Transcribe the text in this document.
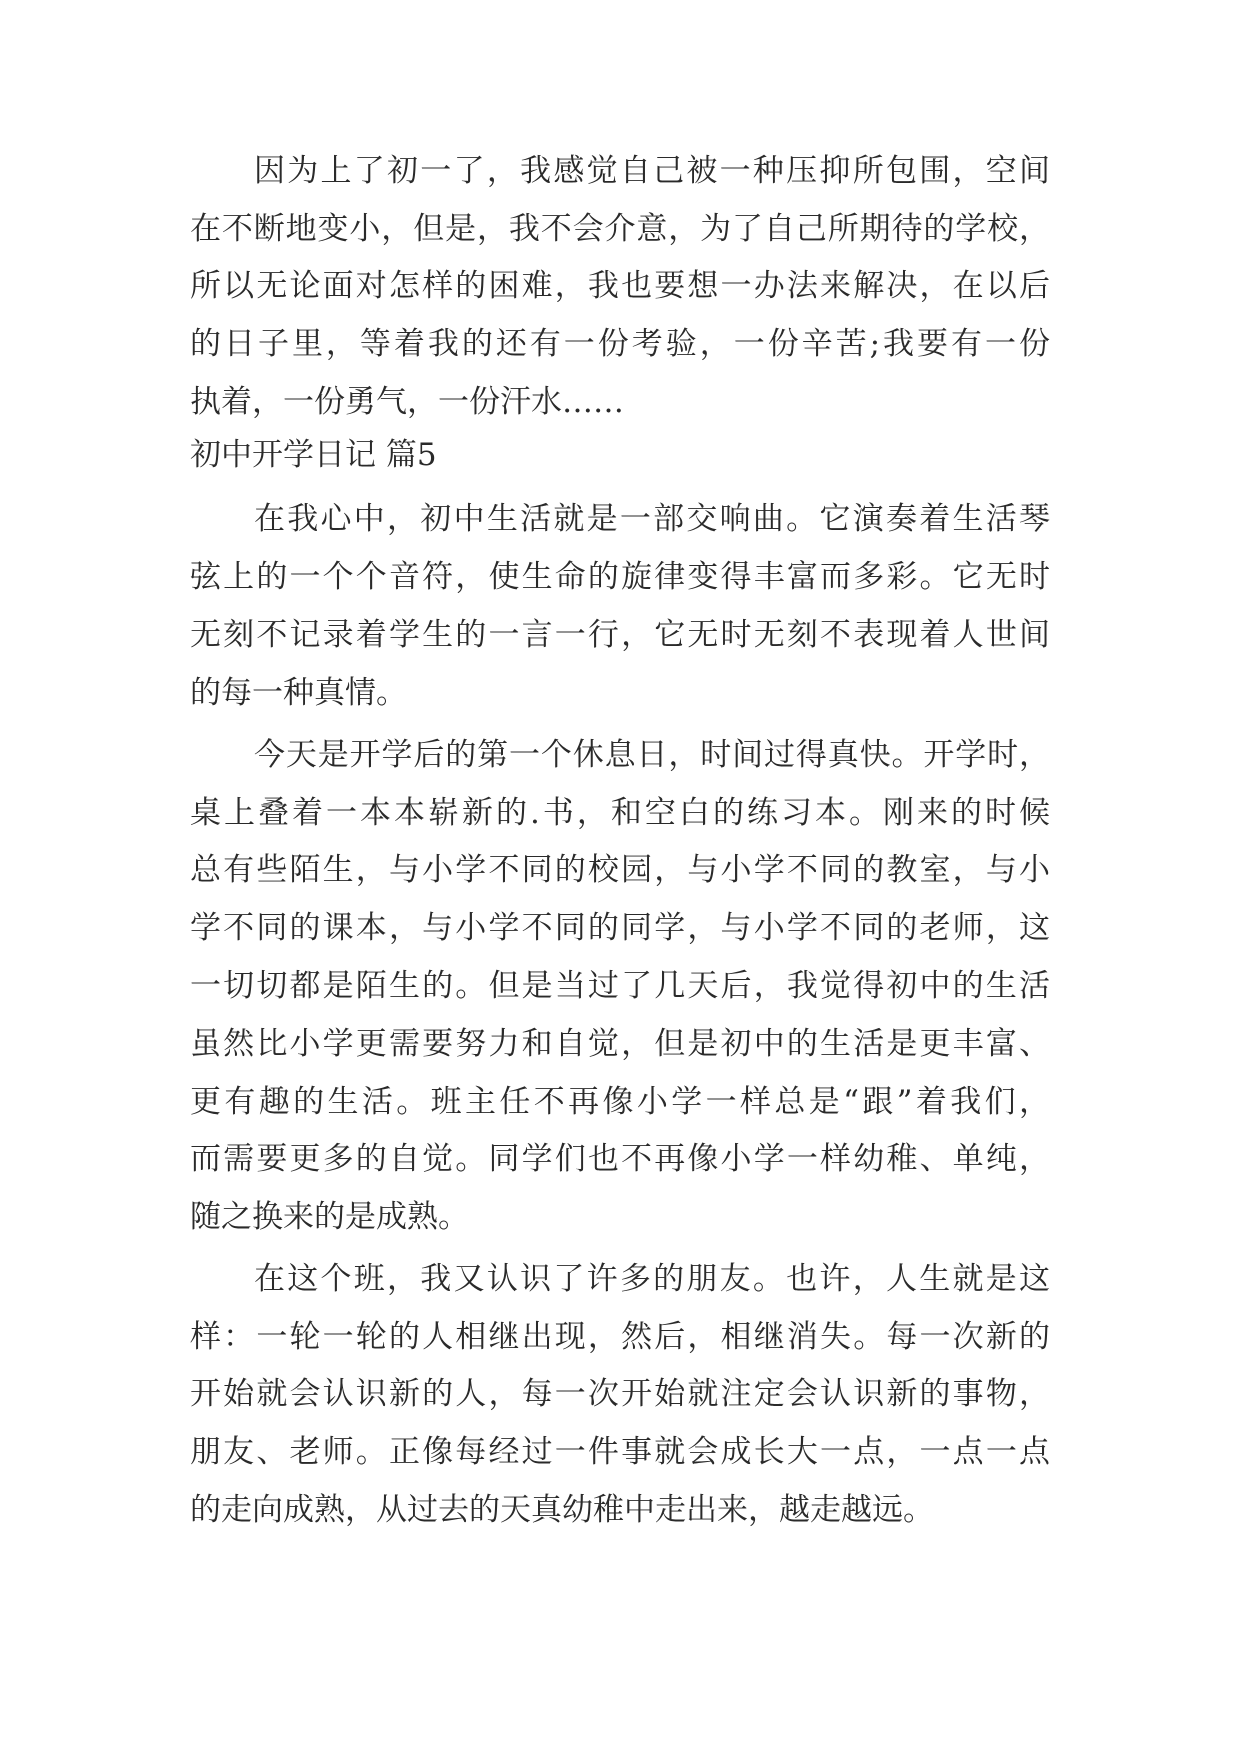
因为上了初一了，我感觉自己被一种压抑所包围，空间
在不断地变小，但是，我不会介意，为了自己所期待的学校，
所以无论面对怎样的困难，我也要想一办法来解决，在以后
的日子里，等着我的还有一份考验，一份辛苦;我要有一份
执着，一份勇气，一份汗水……
初中开学日记 篇5
在我心中，初中生活就是一部交响曲。它演奏着生活琴
弦上的一个个音符，使生命的旋律变得丰富而多彩。它无时
无刻不记录着学生的一言一行，它无时无刻不表现着人世间
的每一种真情。
今天是开学后的第一个休息日，时间过得真快。开学时，
桌上叠着一本本崭新的.书，和空白的练习本。刚来的时候
总有些陌生，与小学不同的校园，与小学不同的教室，与小
学不同的课本，与小学不同的同学，与小学不同的老师，这
一切切都是陌生的。但是当过了几天后，我觉得初中的生活
虽然比小学更需要努力和自觉，但是初中的生活是更丰富、
更有趣的生活。班主任不再像小学一样总是“跟”着我们，
而需要更多的自觉。同学们也不再像小学一样幼稚、单纯，
随之换来的是成熟。
在这个班，我又认识了许多的朋友。也许，人生就是这
样：一轮一轮的人相继出现，然后，相继消失。每一次新的
开始就会认识新的人，每一次开始就注定会认识新的事物，
朋友、老师。正像每经过一件事就会成长大一点，一点一点
的走向成熟，从过去的天真幼稚中走出来，越走越远。
